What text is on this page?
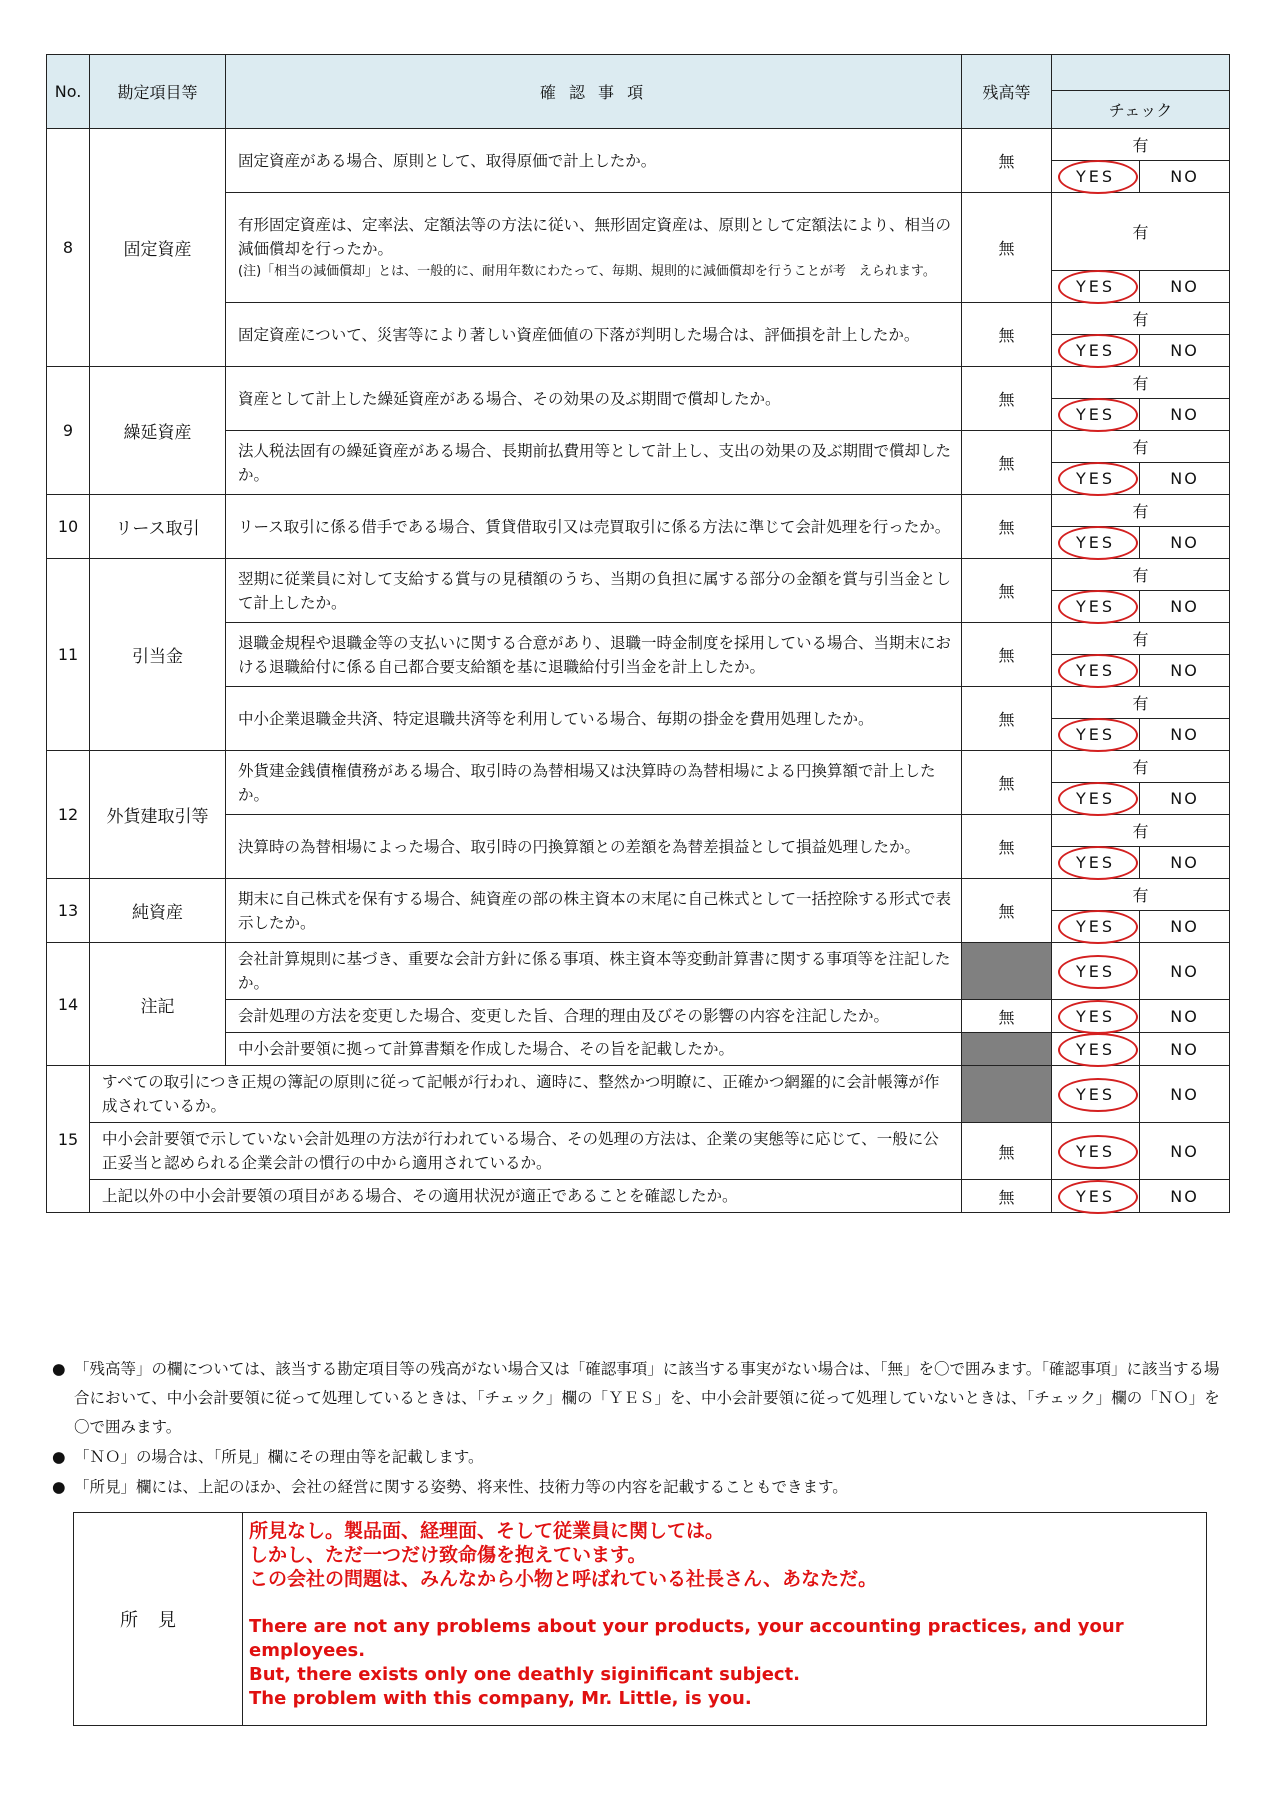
No.	勘定項目等	確 認 事 項	残高等		
				チェック	
8	固定資産	固定資産がある場合、原則として、取得原価で計上したか。	無	有	
				YES	NO
		有形固定資産は、定率法、定額法等の方法に従い、無形固定資産は、原則として定額法により、相当の減価償却を行ったか。
(注)「相当の減価償却」とは、一般的に、耐用年数にわたって、毎期、規則的に減価償却を行うことが考　えられます。	無	有	
				YES	NO
		固定資産について、災害等により著しい資産価値の下落が判明した場合は、評価損を計上したか。	無	有	
				YES	NO
9	繰延資産	資産として計上した繰延資産がある場合、その効果の及ぶ期間で償却したか。	無	有	
				YES	NO
		法人税法固有の繰延資産がある場合、長期前払費用等として計上し、支出の効果の及ぶ期間で償却したか。	無	有	
				YES	NO
10	リース取引	リース取引に係る借手である場合、賃貸借取引又は売買取引に係る方法に準じて会計処理を行ったか。	無	有	
				YES	NO
11	引当金	翌期に従業員に対して支給する賞与の見積額のうち、当期の負担に属する部分の金額を賞与引当金として計上したか。	無	有	
				YES	NO
		退職金規程や退職金等の支払いに関する合意があり、退職一時金制度を採用している場合、当期末における退職給付に係る自己都合要支給額を基に退職給付引当金を計上したか。	無	有	
				YES	NO
		中小企業退職金共済、特定退職共済等を利用している場合、毎期の掛金を費用処理したか。	無	有	
				YES	NO
12	外貨建取引等	外貨建金銭債権債務がある場合、取引時の為替相場又は決算時の為替相場による円換算額で計上したか。	無	有	
				YES	NO
		決算時の為替相場によった場合、取引時の円換算額との差額を為替差損益として損益処理したか。	無	有	
				YES	NO
13	純資産	期末に自己株式を保有する場合、純資産の部の株主資本の末尾に自己株式として一括控除する形式で表示したか。	無	有	
				YES	NO
14	注記	会社計算規則に基づき、重要な会計方針に係る事項、株主資本等変動計算書に関する事項等を注記したか。		YES	NO
		会計処理の方法を変更した場合、変更した旨、合理的理由及びその影響の内容を注記したか。	無	YES	NO
		中小会計要領に拠って計算書類を作成した場合、その旨を記載したか。		YES	NO
15	すべての取引につき正規の簿記の原則に従って記帳が行われ、適時に、整然かつ明瞭に、正確かつ網羅的に会計帳簿が作成されているか。			YES	NO
	中小会計要領で示していない会計処理の方法が行われている場合、その処理の方法は、企業の実態等に応じて、一般に公正妥当と認められる企業会計の慣行の中から適用されているか。		無	YES	NO
	上記以外の中小会計要領の項目がある場合、その適用状況が適正であることを確認したか。		無	YES	NO

● 「残高等」の欄については、該当する勘定項目等の残高がない場合又は「確認事項」に該当する事実がない場合は、「無」を〇で囲みます。「確認事項」に該当する場合において、中小会計要領に従って処理しているときは、「チェック」欄の「ＹＥＳ」を、中小会計要領に従って処理していないときは、「チェック」欄の「ＮＯ」を〇で囲みます。

● 「ＮＯ」の場合は、「所見」欄にその理由等を記載します。

● 「所見」欄には、上記のほか、会社の経営に関する姿勢、将来性、技術力等の内容を記載することもできます。

所見
所見なし。製品面、経理面、そして従業員に関しては。
しかし、ただ一つだけ致命傷を抱えています。
この会社の問題は、みんなから小物と呼ばれている社長さん、あなただ。
There are not any problems about your products, your accounting practices, and your employees.
But, there exists only one deathly siginificant subject.
The problem with this company, Mr. Little, is you.
